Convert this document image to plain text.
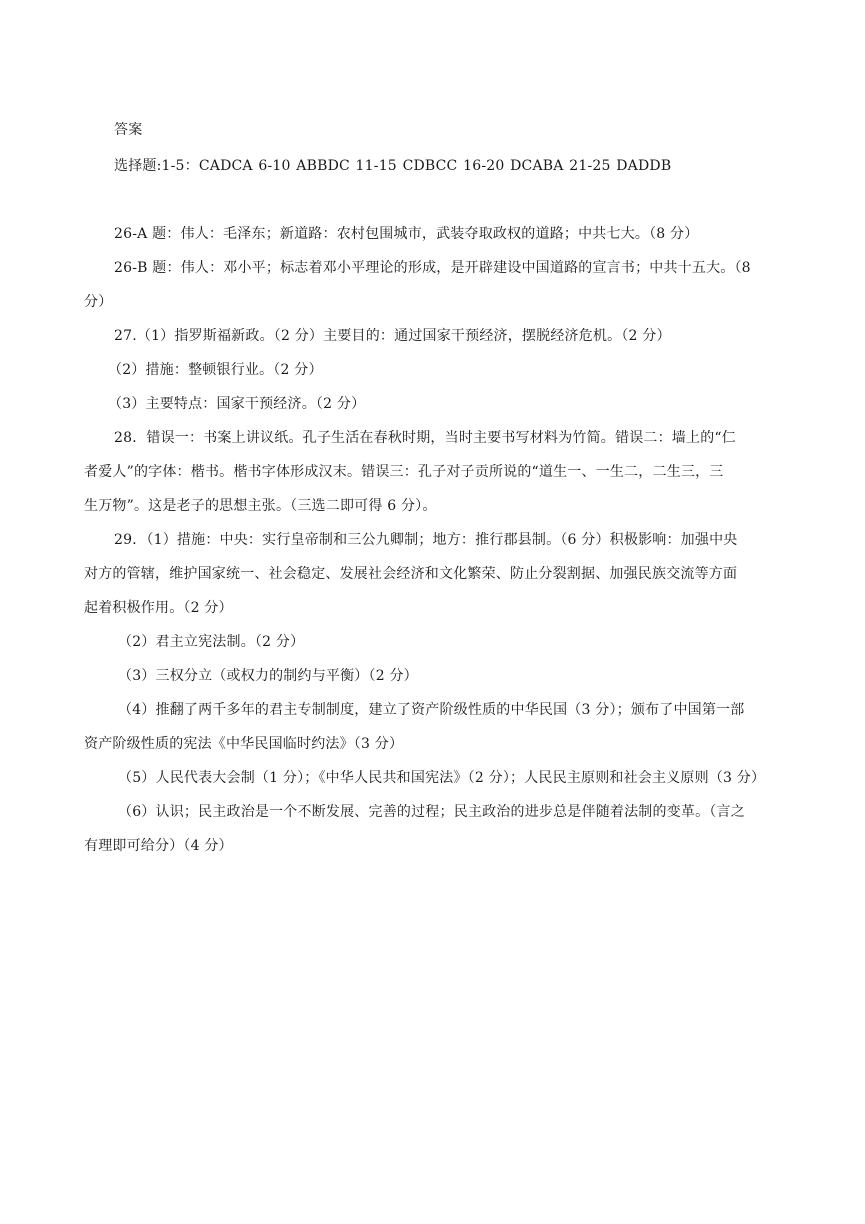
答案
选择题:1-5：CADCA 6-10 ABBDC 11-15 CDBCC 16-20 DCABA 21-25 DADDB
26-A 题：伟人：毛泽东；新道路：农村包围城市，武装夺取政权的道路；中共七大。（8 分）
26-B 题：伟人：邓小平；标志着邓小平理论的形成，是开辟建设中国道路的宣言书；中共十五大。（8
分）
27.（1）指罗斯福新政。（2 分）主要目的：通过国家干预经济，摆脱经济危机。（2 分）
（2）措施：整顿银行业。（2 分）
（3）主要特点：国家干预经济。（2 分）
28．错误一：书案上讲议纸。孔子生活在春秋时期，当时主要书写材料为竹简。错误二：墙上的“仁
者爱人”的字体：楷书。楷书字体形成汉末。错误三：孔子对子贡所说的“道生一、一生二，二生三，三
生万物”。这是老子的思想主张。（三选二即可得 6 分）。
29．（1）措施：中央：实行皇帝制和三公九卿制；地方：推行郡县制。（6 分）积极影响：加强中央
对方的管辖，维护国家统一、社会稳定、发展社会经济和文化繁荣、防止分裂割据、加强民族交流等方面
起着积极作用。（2 分）
（2）君主立宪法制。（2 分）
（3）三权分立（或权力的制约与平衡）（2 分）
（4）推翻了两千多年的君主专制制度，建立了资产阶级性质的中华民国（3 分）；颁布了中国第一部
资产阶级性质的宪法《中华民国临时约法》（3 分）
（5）人民代表大会制（1 分）；《中华人民共和国宪法》（2 分）；人民民主原则和社会主义原则（3 分）
（6）认识；民主政治是一个不断发展、完善的过程；民主政治的进步总是伴随着法制的变革。（言之
有理即可给分）（4 分）
